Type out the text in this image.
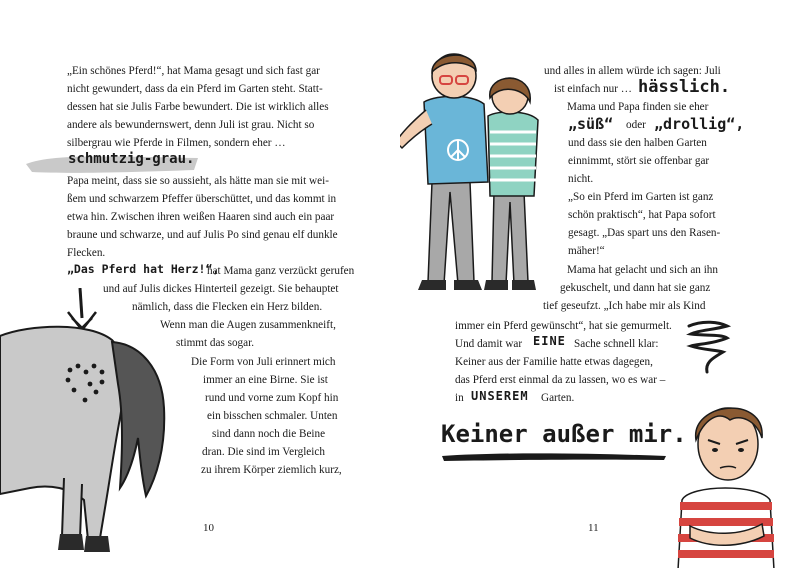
„Ein schönes Pferd!“, hat Mama gesagt und sich fast gar
nicht gewundert, dass da ein Pferd im Garten steht. Statt-
dessen hat sie Julis Farbe bewundert. Die ist wirklich alles
andere als bewundernswert, denn Juli ist grau. Nicht so
silbergrau wie Pferde in Filmen, sondern eher …
schmutzig-grau.
Papa meint, dass sie so aussieht, als hätte man sie mit wei-
ßem und schwarzem Pfeffer überschüttet, und das kommt in
etwa hin. Zwischen ihren weißen Haaren sind auch ein paar
braune und schwarze, und auf Julis Po sind genau elf dunkle
Flecken.
„Das Pferd hat Herz!“,
hat Mama ganz verzückt gerufen
und auf Julis dickes Hinterteil gezeigt. Sie behauptet
nämlich, dass die Flecken ein Herz bilden.
Wenn man die Augen zusammenkneift,
stimmt das sogar.
Die Form von Juli erinnert mich
immer an eine Birne. Sie ist
rund und vorne zum Kopf hin
ein bisschen schmaler. Unten
sind dann noch die Beine
dran. Die sind im Vergleich
zu ihrem Körper ziemlich kurz,
10
und alles in allem würde ich sagen: Juli
ist einfach nur … hässlich.
Mama und Papa finden sie eher
„süß“ oder „drollig“,
und dass sie den halben Garten
einnimmt, stört sie offenbar gar
nicht.
„So ein Pferd im Garten ist ganz
schön praktisch“, hat Papa sofort
gesagt. „Das spart uns den Rasen-
mäher!“
Mama hat gelacht und sich an ihn
gekuschelt, und dann hat sie ganz
tief geseufzt. „Ich habe mir als Kind
immer ein Pferd gewünscht“, hat sie gemurmelt.
Und damit war EINE Sache schnell klar:
Keiner aus der Familie hatte etwas dagegen,
das Pferd erst einmal da zu lassen, wo es war –
in UNSEREM Garten.
Keiner außer mir.
11
